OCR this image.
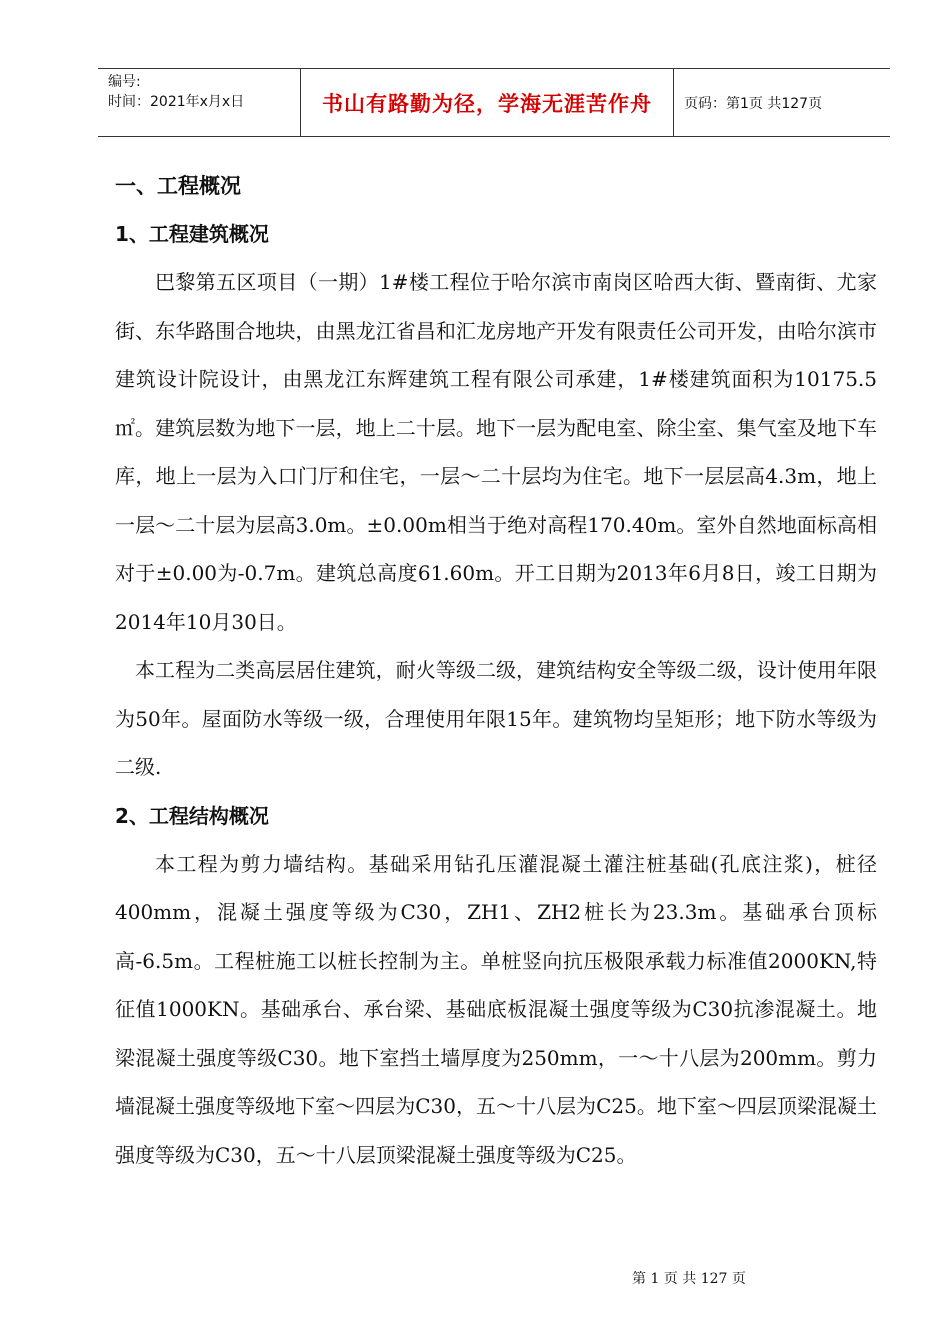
编号:
时间：2021年x月x日	书山有路勤为径，学海无涯苦作舟	页码：第1页 共127页
一、工程概况
1、工程建筑概况

巴黎第五区项目（一期）1#楼工程位于哈尔滨市南岗区哈西大街、暨南街、尤家街、东华路围合地块，由黑龙江省昌和汇龙房地产开发有限责任公司开发，由哈尔滨市建筑设计院设计，由黑龙江东辉建筑工程有限公司承建，1#楼建筑面积为10175.5㎡。建筑层数为地下一层，地上二十层。地下一层为配电室、除尘室、集气室及地下车库，地上一层为入口门厅和住宅，一层～二十层均为住宅。地下一层层高4.3m，地上一层～二十层为层高3.0m。±0.00m相当于绝对高程170.40m。室外自然地面标高相对于±0.00为-0.7m。建筑总高度61.60m。开工日期为2013年6月8日，竣工日期为2014年10月30日。

本工程为二类高层居住建筑，耐火等级二级，建筑结构安全等级二级，设计使用年限为50年。屋面防水等级一级，合理使用年限15年。建筑物均呈矩形；地下防水等级为二级.

2、工程结构概况

本工程为剪力墙结构。基础采用钻孔压灌混凝土灌注桩基础(孔底注浆)，桩径400mm，混凝土强度等级为C30，ZH1、ZH2桩长为23.3m。基础承台顶标高-6.5m。工程桩施工以桩长控制为主。单桩竖向抗压极限承载力标准值2000KN,特征值1000KN。基础承台、承台梁、基础底板混凝土强度等级为C30抗渗混凝土。地梁混凝土强度等级C30。地下室挡土墙厚度为250mm，一～十八层为200mm。剪力墙混凝土强度等级地下室～四层为C30，五～十八层为C25。地下室～四层顶梁混凝土强度等级为C30，五～十八层顶梁混凝土强度等级为C25。

第 1 页 共 127 页
